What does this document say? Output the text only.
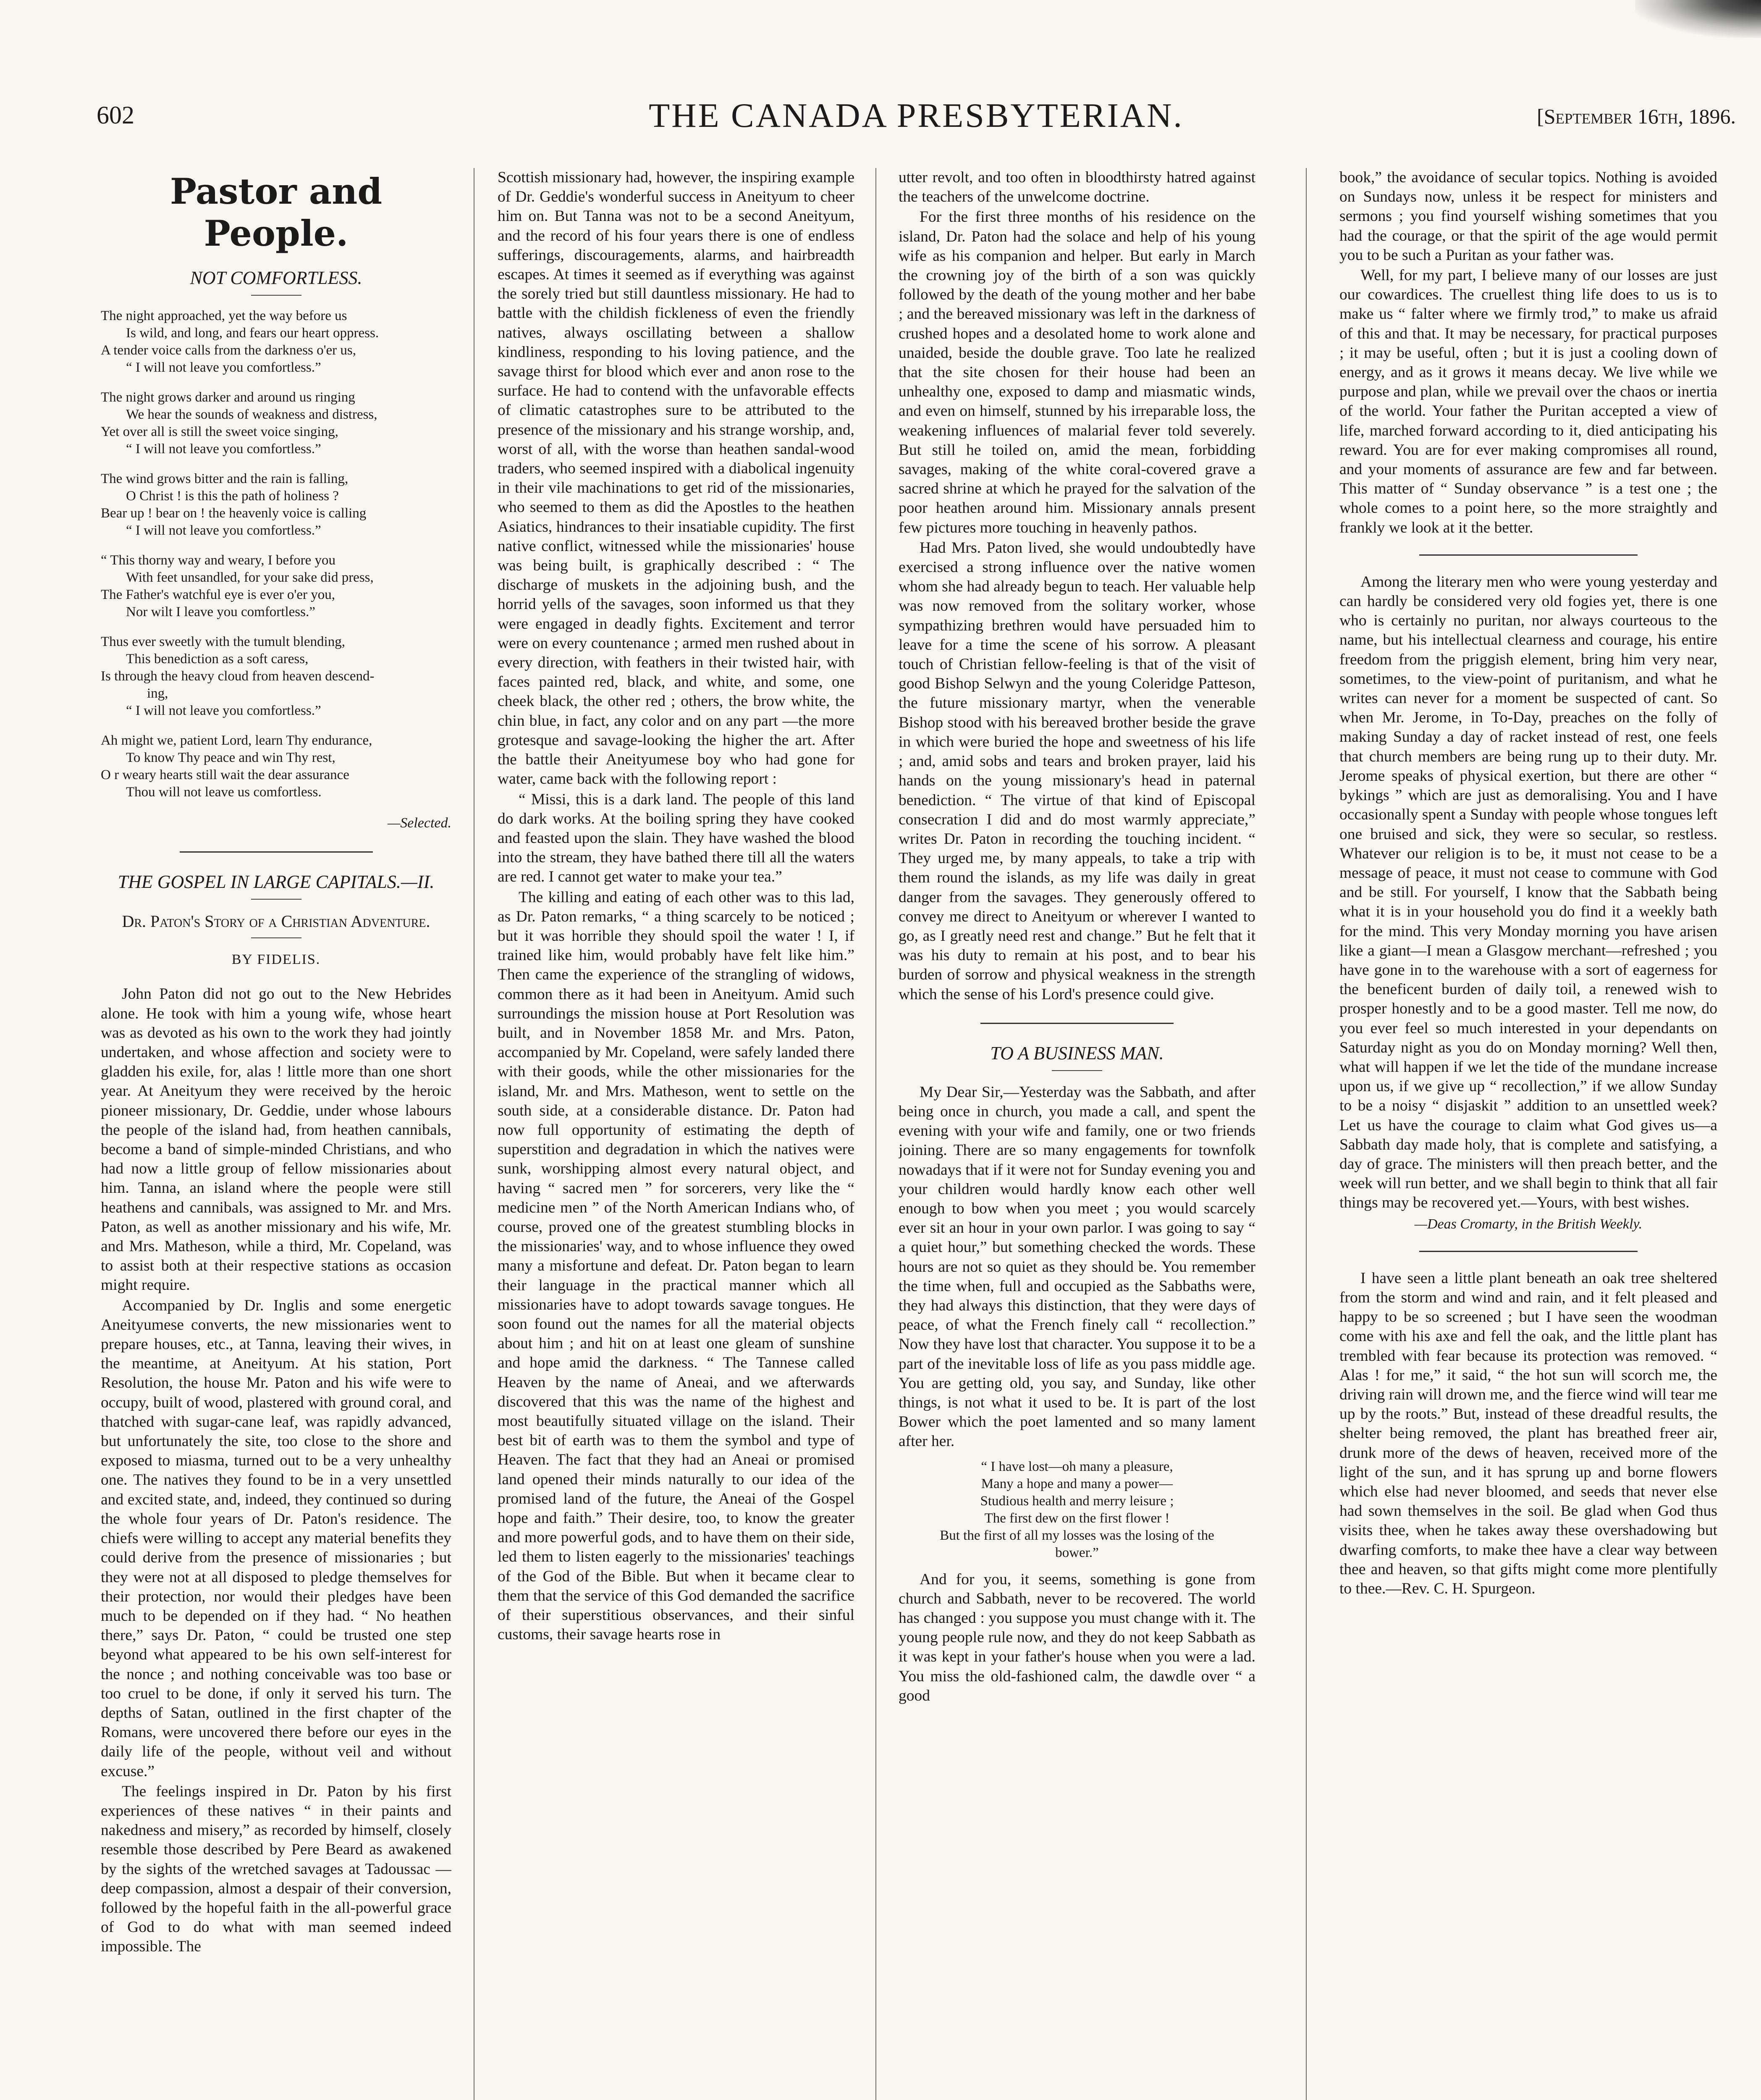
602	THE CANADA PRESBYTERIAN.	[September 16th, 1896.
Pastor and People.
NOT COMFORTLESS.
The night approached, yet the way before us
Is wild, and long, and fears our heart oppress.
A tender voice calls from the darkness o'er us,
“ I will not leave you comfortless.”
The night grows darker and around us ringing
We hear the sounds of weakness and distress,
Yet over all is still the sweet voice singing,
“ I will not leave you comfortless.”
The wind grows bitter and the rain is falling,
O Christ ! is this the path of holiness ?
Bear up ! bear on ! the heavenly voice is calling
“ I will not leave you comfortless.”
“ This thorny way and weary, I before you
With feet unsandled, for your sake did press,
The Father's watchful eye is ever o'er you,
Nor wilt I leave you comfortless.”
Thus ever sweetly with the tumult blending,
This benediction as a soft caress,
Is through the heavy cloud from heaven descend-
ing,
“ I will not leave you comfortless.”
Ah might we, patient Lord, learn Thy endurance,
To know Thy peace and win Thy rest,
O r weary hearts still wait the dear assurance
Thou will not leave us comfortless.
—Selected.
THE GOSPEL IN LARGE CAPITALS.—II.
Dr. Paton's Story of a Christian Adventure.
BY FIDELIS.

John Paton did not go out to the New Hebrides alone. He took with him a young wife, whose heart was as devoted as his own to the work they had jointly undertaken, and whose affection and society were to gladden his exile, for, alas ! little more than one short year. At Aneityum they were received by the heroic pioneer missionary, Dr. Geddie, under whose labours the people of the island had, from heathen cannibals, become a band of simple-minded Christians, and who had now a little group of fellow missionaries about him. Tanna, an island where the people were still heathens and cannibals, was assigned to Mr. and Mrs. Paton, as well as another missionary and his wife, Mr. and Mrs. Matheson, while a third, Mr. Copeland, was to assist both at their respective stations as occasion might require.

Accompanied by Dr. Inglis and some energetic Aneityumese converts, the new missionaries went to prepare houses, etc., at Tanna, leaving their wives, in the meantime, at Aneityum. At his station, Port Resolution, the house Mr. Paton and his wife were to occupy, built of wood, plastered with ground coral, and thatched with sugar-cane leaf, was rapidly advanced, but unfortunately the site, too close to the shore and exposed to miasma, turned out to be a very unhealthy one. The natives they found to be in a very unsettled and excited state, and, indeed, they continued so during the whole four years of Dr. Paton's residence. The chiefs were willing to accept any material benefits they could derive from the presence of missionaries ; but they were not at all disposed to pledge themselves for their protection, nor would their pledges have been much to be depended on if they had. “ No heathen there,” says Dr. Paton, “ could be trusted one step beyond what appeared to be his own self-interest for the nonce ; and nothing conceivable was too base or too cruel to be done, if only it served his turn. The depths of Satan, outlined in the first chapter of the Romans, were uncovered there before our eyes in the daily life of the people, without veil and without excuse.”

The feelings inspired in Dr. Paton by his first experiences of these natives “ in their paints and nakedness and misery,” as recorded by himself, closely resemble those described by Pere Beard as awakened by the sights of the wretched savages at Tadoussac —deep compassion, almost a despair of their conversion, followed by the hopeful faith in the all-powerful grace of God to do what with man seemed indeed impossible. The

Scottish missionary had, however, the inspiring example of Dr. Geddie's wonderful success in Aneityum to cheer him on. But Tanna was not to be a second Aneityum, and the record of his four years there is one of endless sufferings, discouragements, alarms, and hairbreadth escapes. At times it seemed as if everything was against the sorely tried but still dauntless missionary. He had to battle with the childish fickleness of even the friendly natives, always oscillating between a shallow kindliness, responding to his loving patience, and the savage thirst for blood which ever and anon rose to the surface. He had to contend with the unfavorable effects of climatic catastrophes sure to be attributed to the presence of the missionary and his strange worship, and, worst of all, with the worse than heathen sandal-wood traders, who seemed inspired with a diabolical ingenuity in their vile machinations to get rid of the missionaries, who seemed to them as did the Apostles to the heathen Asiatics, hindrances to their insatiable cupidity. The first native conflict, witnessed while the missionaries' house was being built, is graphically described : “ The discharge of muskets in the adjoining bush, and the horrid yells of the savages, soon informed us that they were engaged in deadly fights. Excitement and terror were on every countenance ; armed men rushed about in every direction, with feathers in their twisted hair, with faces painted red, black, and white, and some, one cheek black, the other red ; others, the brow white, the chin blue, in fact, any color and on any part —the more grotesque and savage-looking the higher the art. After the battle their Aneityumese boy who had gone for water, came back with the following report :

“ Missi, this is a dark land. The people of this land do dark works. At the boiling spring they have cooked and feasted upon the slain. They have washed the blood into the stream, they have bathed there till all the waters are red. I cannot get water to make your tea.”

The killing and eating of each other was to this lad, as Dr. Paton remarks, “ a thing scarcely to be noticed ; but it was horrible they should spoil the water ! I, if trained like him, would probably have felt like him.” Then came the experience of the strangling of widows, common there as it had been in Aneityum. Amid such surroundings the mission house at Port Resolution was built, and in November 1858 Mr. and Mrs. Paton, accompanied by Mr. Copeland, were safely landed there with their goods, while the other missionaries for the island, Mr. and Mrs. Matheson, went to settle on the south side, at a considerable distance. Dr. Paton had now full opportunity of estimating the depth of superstition and degradation in which the natives were sunk, worshipping almost every natural object, and having “ sacred men ” for sorcerers, very like the “ medicine men ” of the North American Indians who, of course, proved one of the greatest stumbling blocks in the missionaries' way, and to whose influence they owed many a misfortune and defeat. Dr. Paton began to learn their language in the practical manner which all missionaries have to adopt towards savage tongues. He soon found out the names for all the material objects about him ; and hit on at least one gleam of sunshine and hope amid the darkness. “ The Tannese called Heaven by the name of Aneai, and we afterwards discovered that this was the name of the highest and most beautifully situated village on the island. Their best bit of earth was to them the symbol and type of Heaven. The fact that they had an Aneai or promised land opened their minds naturally to our idea of the promised land of the future, the Aneai of the Gospel hope and faith.” Their desire, too, to know the greater and more powerful gods, and to have them on their side, led them to listen eagerly to the missionaries' teachings of the God of the Bible. But when it became clear to them that the service of this God demanded the sacrifice of their superstitious observances, and their sinful customs, their savage hearts rose in

utter revolt, and too often in bloodthirsty hatred against the teachers of the unwelcome doctrine.

For the first three months of his residence on the island, Dr. Paton had the solace and help of his young wife as his companion and helper. But early in March the crowning joy of the birth of a son was quickly followed by the death of the young mother and her babe ; and the bereaved missionary was left in the darkness of crushed hopes and a desolated home to work alone and unaided, beside the double grave. Too late he realized that the site chosen for their house had been an unhealthy one, exposed to damp and miasmatic winds, and even on himself, stunned by his irreparable loss, the weakening influences of malarial fever told severely. But still he toiled on, amid the mean, forbidding savages, making of the white coral-covered grave a sacred shrine at which he prayed for the salvation of the poor heathen around him. Missionary annals present few pictures more touching in heavenly pathos.

Had Mrs. Paton lived, she would undoubtedly have exercised a strong influence over the native women whom she had already begun to teach. Her valuable help was now removed from the solitary worker, whose sympathizing brethren would have persuaded him to leave for a time the scene of his sorrow. A pleasant touch of Christian fellow-feeling is that of the visit of good Bishop Selwyn and the young Coleridge Patteson, the future missionary martyr, when the venerable Bishop stood with his bereaved brother beside the grave in which were buried the hope and sweetness of his life ; and, amid sobs and tears and broken prayer, laid his hands on the young missionary's head in paternal benediction. “ The virtue of that kind of Episcopal consecration I did and do most warmly appreciate,” writes Dr. Paton in recording the touching incident. “ They urged me, by many appeals, to take a trip with them round the islands, as my life was daily in great danger from the savages. They generously offered to convey me direct to Aneityum or wherever I wanted to go, as I greatly need rest and change.” But he felt that it was his duty to remain at his post, and to bear his burden of sorrow and physical weakness in the strength which the sense of his Lord's presence could give.

TO A BUSINESS MAN.

My Dear Sir,—Yesterday was the Sabbath, and after being once in church, you made a call, and spent the evening with your wife and family, one or two friends joining. There are so many engagements for townfolk nowadays that if it were not for Sunday evening you and your children would hardly know each other well enough to bow when you meet ; you would scarcely ever sit an hour in your own parlor. I was going to say “ a quiet hour,” but something checked the words. These hours are not so quiet as they should be. You remember the time when, full and occupied as the Sabbaths were, they had always this distinction, that they were days of peace, of what the French finely call “ recollection.” Now they have lost that character. You suppose it to be a part of the inevitable loss of life as you pass middle age. You are getting old, you say, and Sunday, like other things, is not what it used to be. It is part of the lost Bower which the poet lamented and so many lament after her.

“ I have lost—oh many a pleasure,
Many a hope and many a power—
Studious health and merry leisure ;
The first dew on the first flower !
But the first of all my losses was the losing of the
bower.”

And for you, it seems, something is gone from church and Sabbath, never to be recovered. The world has changed : you suppose you must change with it. The young people rule now, and they do not keep Sabbath as it was kept in your father's house when you were a lad. You miss the old-fashioned calm, the dawdle over “ a good

book,” the avoidance of secular topics. Nothing is avoided on Sundays now, unless it be respect for ministers and sermons ; you find yourself wishing sometimes that you had the courage, or that the spirit of the age would permit you to be such a Puritan as your father was.

Well, for my part, I believe many of our losses are just our cowardices. The cruellest thing life does to us is to make us “ falter where we firmly trod,” to make us afraid of this and that. It may be necessary, for practical purposes ; it may be useful, often ; but it is just a cooling down of energy, and as it grows it means decay. We live while we purpose and plan, while we prevail over the chaos or inertia of the world. Your father the Puritan accepted a view of life, marched forward according to it, died anticipating his reward. You are for ever making compromises all round, and your moments of assurance are few and far between. This matter of “ Sunday observance ” is a test one ; the whole comes to a point here, so the more straightly and frankly we look at it the better.

Among the literary men who were young yesterday and can hardly be considered very old fogies yet, there is one who is certainly no puritan, nor always courteous to the name, but his intellectual clearness and courage, his entire freedom from the priggish element, bring him very near, sometimes, to the view-point of puritanism, and what he writes can never for a moment be suspected of cant. So when Mr. Jerome, in To-Day, preaches on the folly of making Sunday a day of racket instead of rest, one feels that church members are being rung up to their duty. Mr. Jerome speaks of physical exertion, but there are other “ bykings ” which are just as demoralising. You and I have occasionally spent a Sunday with people whose tongues left one bruised and sick, they were so secular, so restless. Whatever our religion is to be, it must not cease to be a message of peace, it must not cease to commune with God and be still. For yourself, I know that the Sabbath being what it is in your household you do find it a weekly bath for the mind. This very Monday morning you have arisen like a giant—I mean a Glasgow merchant—refreshed ; you have gone in to the warehouse with a sort of eagerness for the beneficent burden of daily toil, a renewed wish to prosper honestly and to be a good master. Tell me now, do you ever feel so much interested in your dependants on Saturday night as you do on Monday morning? Well then, what will happen if we let the tide of the mundane increase upon us, if we give up “ recollection,” if we allow Sunday to be a noisy “ disjaskit ” addition to an unsettled week? Let us have the courage to claim what God gives us—a Sabbath day made holy, that is complete and satisfying, a day of grace. The ministers will then preach better, and the week will run better, and we shall begin to think that all fair things may be recovered yet.—Yours, with best wishes.

—Deas Cromarty, in the British Weekly.

I have seen a little plant beneath an oak tree sheltered from the storm and wind and rain, and it felt pleased and happy to be so screened ; but I have seen the woodman come with his axe and fell the oak, and the little plant has trembled with fear because its protection was removed. “ Alas ! for me,” it said, “ the hot sun will scorch me, the driving rain will drown me, and the fierce wind will tear me up by the roots.” But, instead of these dreadful results, the shelter being removed, the plant has breathed freer air, drunk more of the dews of heaven, received more of the light of the sun, and it has sprung up and borne flowers which else had never bloomed, and seeds that never else had sown themselves in the soil. Be glad when God thus visits thee, when he takes away these overshadowing but dwarfing comforts, to make thee have a clear way between thee and heaven, so that gifts might come more plentifully to thee.—Rev. C. H. Spurgeon.
